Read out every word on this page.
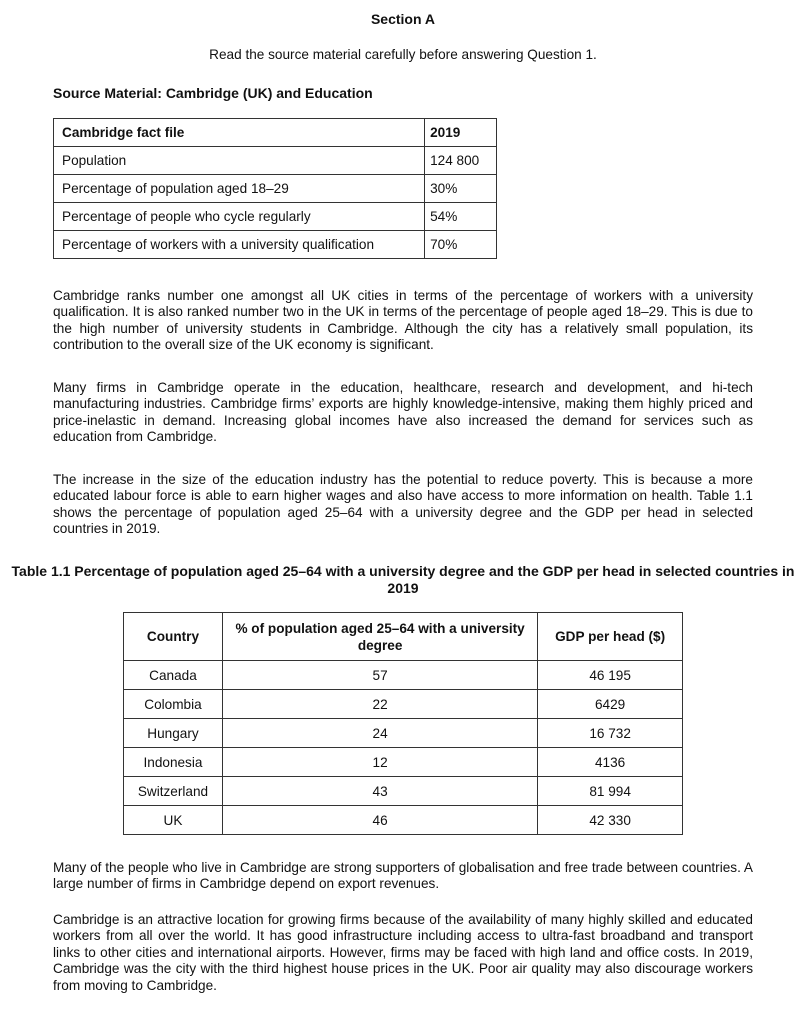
Section A
Read the source material carefully before answering Question 1.
Source Material: Cambridge (UK) and Education
Cambridge fact file	2019
Population	124 800
Percentage of population aged 18–29	30%
Percentage of people who cycle regularly	54%
Percentage of workers with a university qualification	70%

Cambridge ranks number one amongst all UK cities in terms of the percentage of workers with a university qualification. It is also ranked number two in the UK in terms of the percentage of people aged 18–29. This is due to the high number of university students in Cambridge. Although the city has a relatively small population, its contribution to the overall size of the UK economy is significant.

Many firms in Cambridge operate in the education, healthcare, research and development, and hi-tech manufacturing industries. Cambridge firms’ exports are highly knowledge-intensive, making them highly priced and price-inelastic in demand. Increasing global incomes have also increased the demand for services such as education from Cambridge.

The increase in the size of the education industry has the potential to reduce poverty. This is because a more educated labour force is able to earn higher wages and also have access to more information on health. Table 1.1 shows the percentage of population aged 25–64 with a university degree and the GDP per head in selected countries in 2019.

Table 1.1 Percentage of population aged 25–64 with a university degree and the GDP per head in selected countries in 2019
Country	% of population aged 25–64 with a university degree	GDP per head ($)
Canada	57	46 195
Colombia	22	6429
Hungary	24	16 732
Indonesia	12	4136
Switzerland	43	81 994
UK	46	42 330

Many of the people who live in Cambridge are strong supporters of globalisation and free trade between countries. A large number of firms in Cambridge depend on export revenues.

Cambridge is an attractive location for growing firms because of the availability of many highly skilled and educated workers from all over the world. It has good infrastructure including access to ultra-fast broadband and transport links to other cities and international airports. However, firms may be faced with high land and office costs. In 2019, Cambridge was the city with the third highest house prices in the UK. Poor air quality may also discourage workers from moving to Cambridge.
